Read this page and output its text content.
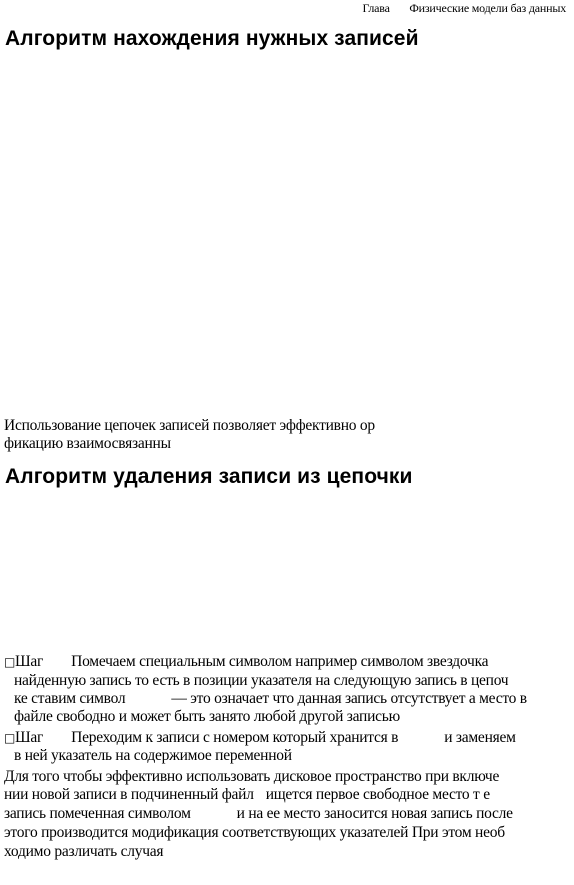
Глава Физические модели баз данных
Алгоритм нахождения нужных записей
Использование цепочек записей позволяет эффективно ор
фикацию взаимосвязанны
Алгоритм удаления записи из цепочки
□Шаг Помечаем специальным символом например символом звездочка
найденную запись то есть в позиции указателя на следующую запись в цепоч
ке ставим символ	— это означает что данная запись отсутствует а место в
файле свободно и может быть занято любой другой записью
□Шаг Переходим к записи с номером который хранится в	и заменяем
в ней указатель на содержимое переменной
Для того чтобы эффективно использовать дисковое пространство при включе
нии новой записи в подчиненный файл ищется первое свободное место т е
запись помеченная символом	и на ее место заносится новая запись после
этого производится модификация соответствующих указателей При этом необ
ходимо различать случая
